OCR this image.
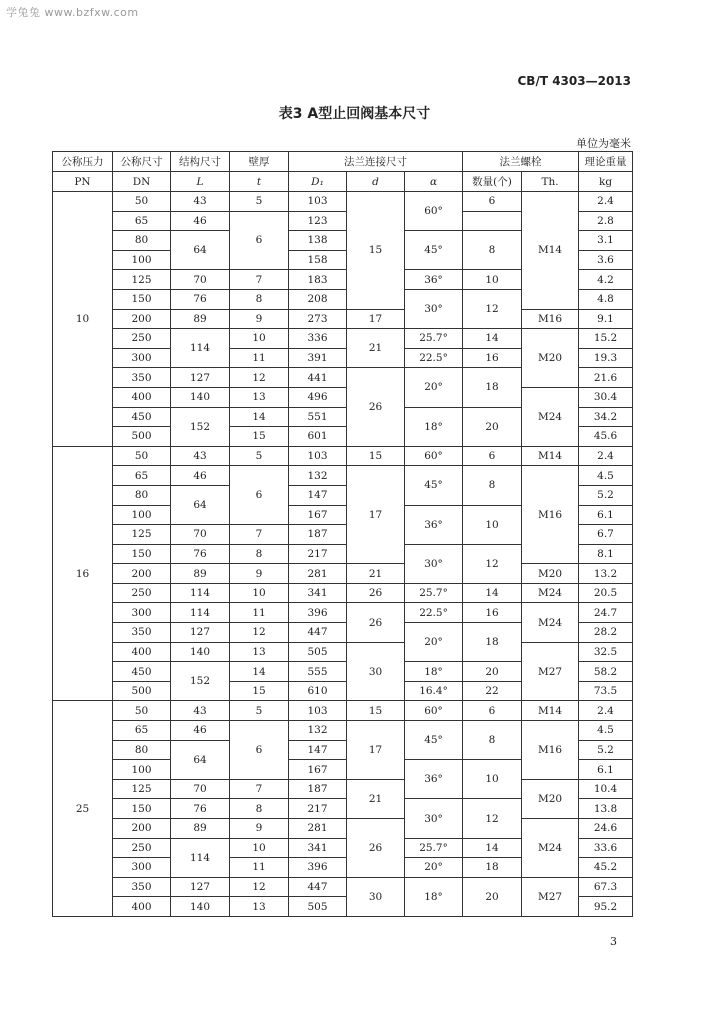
学兔兔 www.bzfxw.com
CB/T 4303—2013
表3 A型止回阀基本尺寸
单位为毫米
公称压力	公称尺寸	结构尺寸	壁厚	法兰连接尺寸			法兰螺栓		理论重量
PN	DN	L	t	D₁	d	α	数量(个)	Th.	kg
10	50	43	5	103	15	60°	6	M14	2.4
	65	46	6	123					2.8
	80	64		138		45°	8		3.1
	100			158					3.6
	125	70	7	183		36°	10		4.2
	150	76	8	208		30°	12		4.8
	200	89	9	273	17			M16	9.1
	250	114	10	336	21	25.7°	14	M20	15.2
	300		11	391		22.5°	16		19.3
	350	127	12	441	26	20°	18		21.6
	400	140	13	496				M24	30.4
	450	152	14	551		18°	20		34.2
	500		15	601					45.6
16	50	43	5	103	15	60°	6	M14	2.4
	65	46	6	132	17	45°	8	M16	4.5
	80	64		147					5.2
	100			167		36°	10		6.1
	125	70	7	187					6.7
	150	76	8	217		30°	12		8.1
	200	89	9	281	21			M20	13.2
	250	114	10	341	26	25.7°	14	M24	20.5
	300	114	11	396	26	22.5°	16	M24	24.7
	350	127	12	447		20°	18		28.2
	400	140	13	505	30			M27	32.5
	450	152	14	555		18°	20		58.2
	500		15	610		16.4°	22		73.5
25	50	43	5	103	15	60°	6	M14	2.4
	65	46	6	132	17	45°	8	M16	4.5
	80	64		147					5.2
	100			167		36°	10		6.1
	125	70	7	187	21			M20	10.4
	150	76	8	217		30°	12		13.8
	200	89	9	281	26			M24	24.6
	250	114	10	341		25.7°	14		33.6
	300		11	396		20°	18		45.2
	350	127	12	447	30	18°	20	M27	67.3
	400	140	13	505					95.2
3
